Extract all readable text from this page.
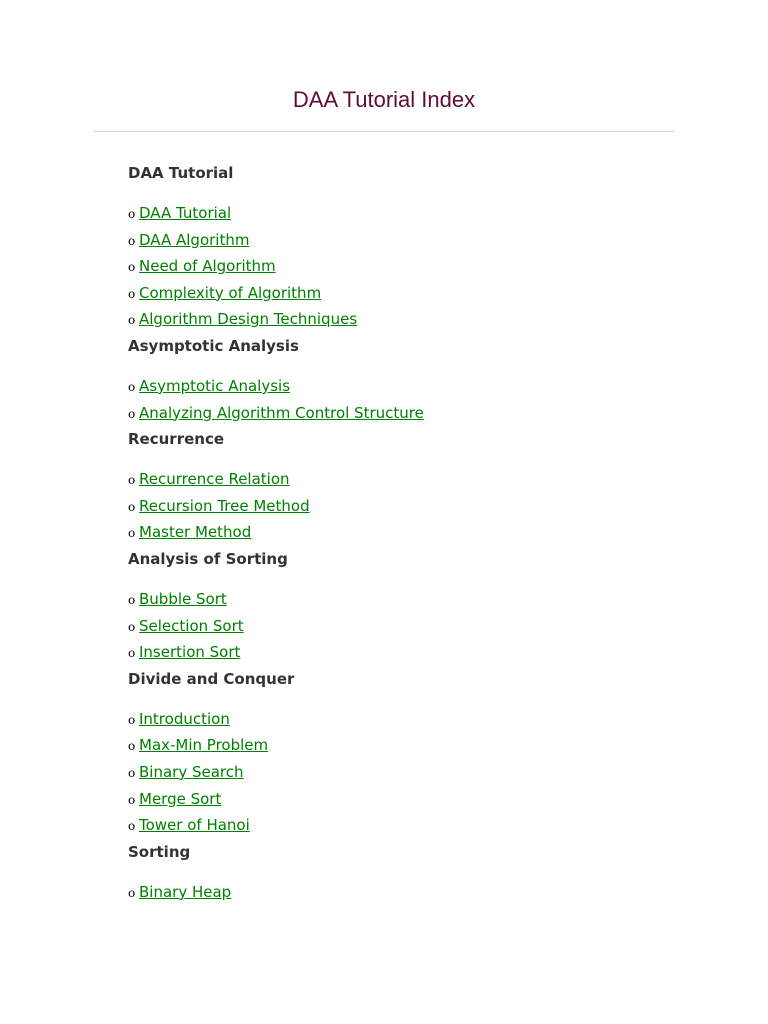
DAA Tutorial Index
DAA Tutorial
o DAA Tutorial
o DAA Algorithm
o Need of Algorithm
o Complexity of Algorithm
o Algorithm Design Techniques
Asymptotic Analysis
o Asymptotic Analysis
o Analyzing Algorithm Control Structure
Recurrence
o Recurrence Relation
o Recursion Tree Method
o Master Method
Analysis of Sorting
o Bubble Sort
o Selection Sort
o Insertion Sort
Divide and Conquer
o Introduction
o Max-Min Problem
o Binary Search
o Merge Sort
o Tower of Hanoi
Sorting
o Binary Heap
